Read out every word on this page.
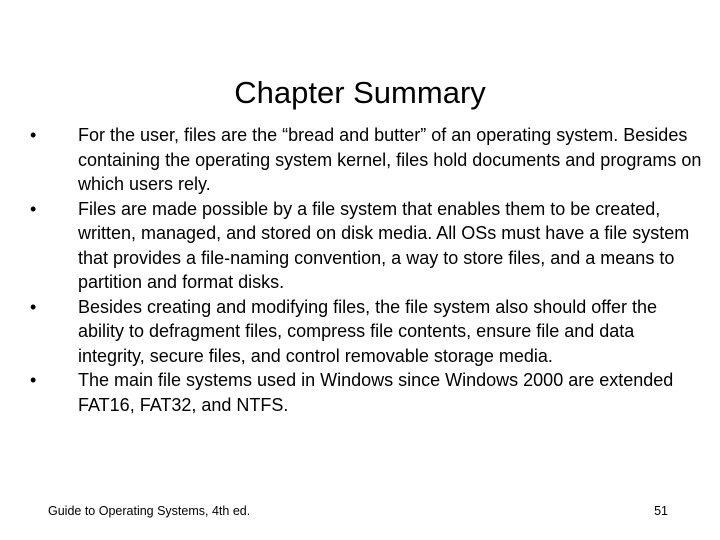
Chapter Summary
•	For the user, files are the “bread and butter” of an operating system. Besides containing the operating system kernel, files hold documents and programs on which users rely.
•	Files are made possible by a file system that enables them to be created, written, managed, and stored on disk media. All OSs must have a file system that provides a file-naming convention, a way to store files, and a means to partition and format disks.
•	Besides creating and modifying files, the file system also should offer the ability to defragment files, compress file contents, ensure file and data integrity, secure files, and control removable storage media.
•	The main file systems used in Windows since Windows 2000 are extended FAT16, FAT32, and NTFS.
Guide to Operating Systems, 4th ed.	51
